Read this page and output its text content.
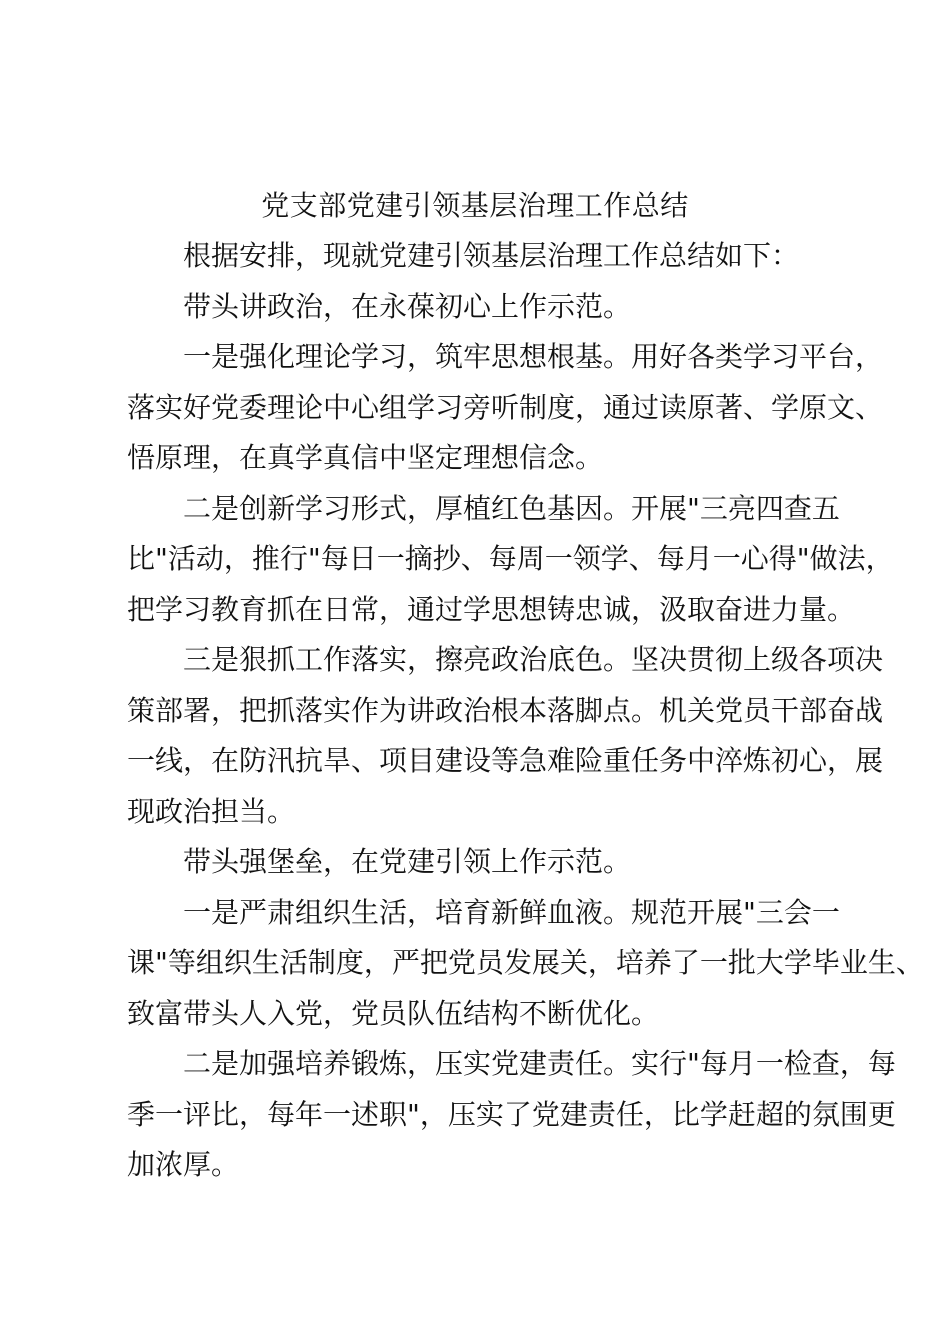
党支部党建引领基层治理工作总结

根据安排，现就党建引领基层治理工作总结如下：

带头讲政治，在永葆初心上作示范。

一是强化理论学习，筑牢思想根基。用好各类学习平台，
落实好党委理论中心组学习旁听制度，通过读原著、学原文、
悟原理，在真学真信中坚定理想信念。

二是创新学习形式，厚植红色基因。开展"三亮四查五
比"活动，推行"每日一摘抄、每周一领学、每月一心得"做法，
把学习教育抓在日常，通过学思想铸忠诚，汲取奋进力量。

三是狠抓工作落实，擦亮政治底色。坚决贯彻上级各项决
策部署，把抓落实作为讲政治根本落脚点。机关党员干部奋战
一线，在防汛抗旱、项目建设等急难险重任务中淬炼初心，展
现政治担当。

带头强堡垒，在党建引领上作示范。

一是严肃组织生活，培育新鲜血液。规范开展"三会一
课"等组织生活制度，严把党员发展关，培养了一批大学毕业生、
致富带头人入党，党员队伍结构不断优化。

二是加强培养锻炼，压实党建责任。实行"每月一检查，每
季一评比，每年一述职"，压实了党建责任，比学赶超的氛围更
加浓厚。
